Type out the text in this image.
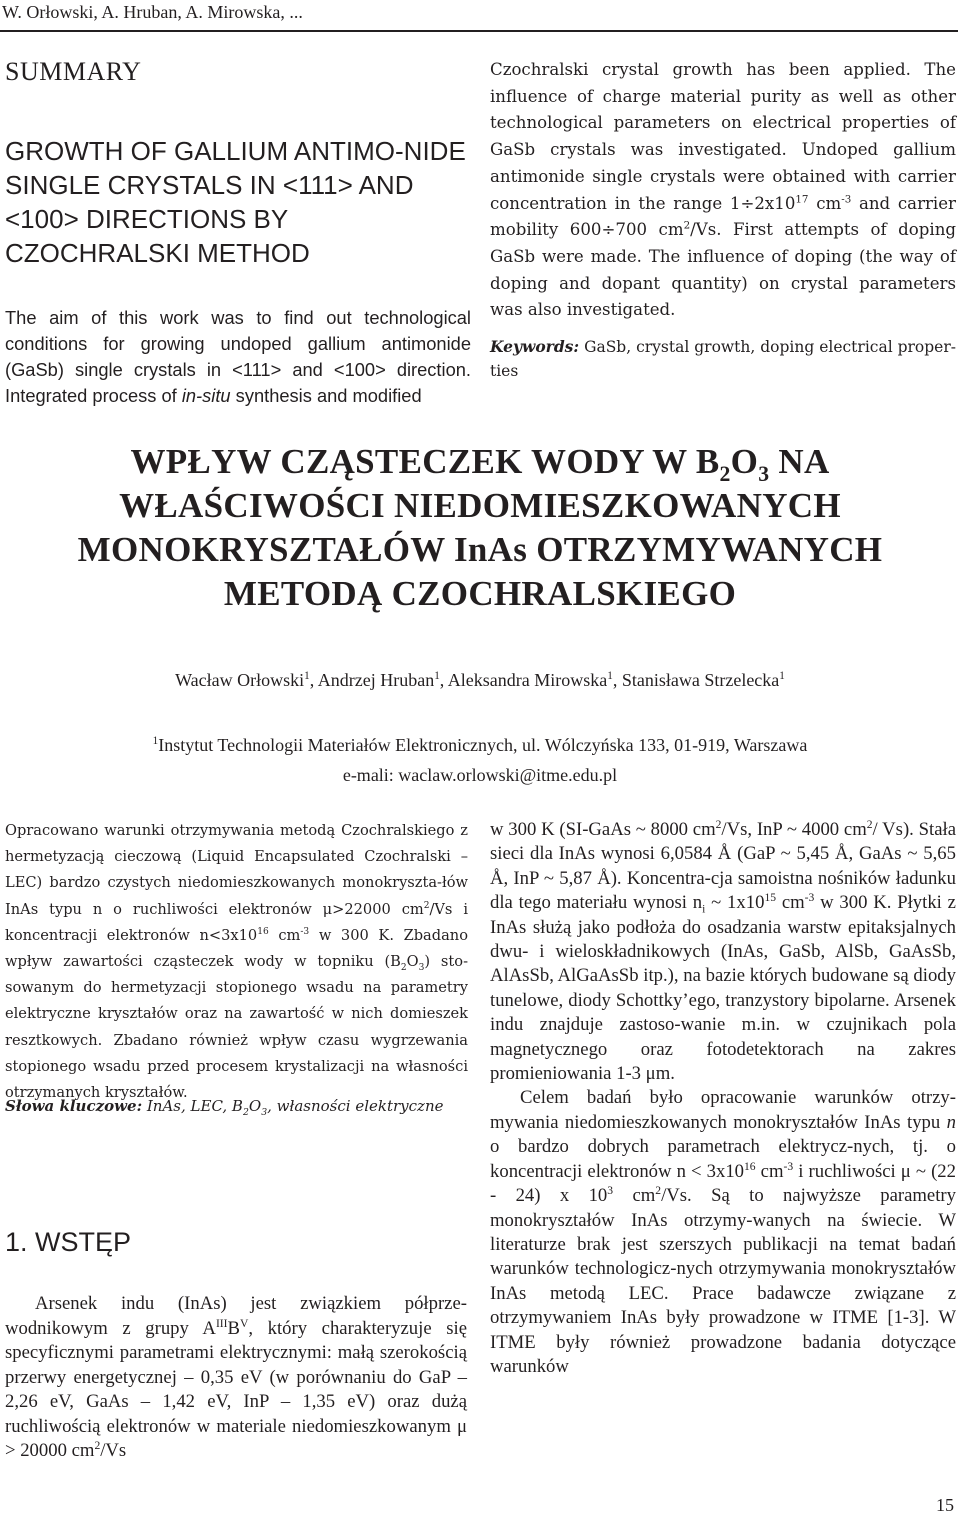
W. Orłowski, A. Hruban, A. Mirowska, ...
SUMMARY
GROWTH OF GALLIUM ANTIMO-NIDE SINGLE CRYSTALS IN <111> AND <100> DIRECTIONS BY CZOCHRALSKI METHOD
The aim of this work was to find out technological conditions for growing undoped gallium antimonide (GaSb) single crystals in <111> and <100> direction. Integrated process of in-situ synthesis and modified
Czochralski crystal growth has been applied. The influence of charge material purity as well as other technological parameters on electrical properties of GaSb crystals was investigated. Undoped gallium antimonide single crystals were obtained with carrier concentration in the range $1\div 2x10^{17}$ $cm^{-3}$ and carrier mobility 600÷700 $cm^2/Vs$. First attempts of doping GaSb were made. The influence of doping (the way of doping and dopant quantity) on crystal parameters was also investigated.
Keywords: GaSb, crystal growth, doping electrical proper-ties
WPŁYW CZĄSTECZEK WODY W $B_2O_3$ NA
WŁAŚCIWOŚCI NIEDOMIESZKOWANYCH
MONOKRYSZTAŁÓW InAs OTRZYMYWANYCH
METODĄ CZOCHRALSKIEGO
Wacław Orłowski$^1$, Andrzej Hruban$^1$, Aleksandra Mirowska$^1$, Stanisława Strzelecka$^1$
$^1$Instytut Technologii Materiałów Elektronicznych, ul. Wólczyńska 133, 01-919, Warszawa
e-mali: waclaw.orlowski@itme.edu.pl
Opracowano warunki otrzymywania metodą Czochralskiego z hermetyzacją cieczową (Liquid Encapsulated Czochralski – LEC) bardzo czystych niedomieszkowanych monokryszta-łów InAs typu n o ruchliwości elektronów μ>22000 $cm^2/Vs$ i koncentracji elektronów $n<3x10^{16}$ $cm^{-3}$ w 300 K. Zbadano wpływ zawartości cząsteczek wody w topniku $(B_2O_3)$ sto-sowanym do hermetyzacji stopionego wsadu na parametry elektryczne kryształów oraz na zawartość w nich domieszek resztkowych. Zbadano również wpływ czasu wygrzewania stopionego wsadu przed procesem krystalizacji na własności otrzymanych kryształów.
Słowa kluczowe: InAs, LEC, $B_2O_3$, własności elektryczne
1. WSTĘP
Arsenek indu (InAs) jest związkiem półprze-wodnikowym z grupy $A^{III}B^V$, który charakteryzuje się specyficznymi parametrami elektrycznymi: małą szerokością przerwy energetycznej – 0,35 eV (w porównaniu do GaP – 2,26 eV, GaAs – 1,42 eV, InP – 1,35 eV) oraz dużą ruchliwością elektronów w materiale niedomieszkowanym μ > 20000 $cm^2/Vs$

w 300 K (SI-GaAs ~ 8000 $cm^2/Vs$, InP ~ 4000 $cm^2/$ Vs). Stała sieci dla InAs wynosi 6,0584 Å (GaP ~ 5,45 Å, GaAs ~ 5,65 Å, InP ~ 5,87 Å). Koncentra-cja samoistna nośników ładunku dla tego materiału wynosi $n_i$ ~ $1x10^{15}$ $cm^{-3}$ w 300 K. Płytki z InAs służą jako podłoża do osadzania warstw epitaksjalnych dwu- i wieloskładnikowych (InAs, GaSb, AlSb, GaAsSb, AlAsSb, AlGaAsSb itp.), na bazie których budowane są diody tunelowe, diody Schottky’ego, tranzystory bipolarne. Arsenek indu znajduje zastoso-wanie m.in. w czujnikach pola magnetycznego oraz fotodetektorach na zakres promieniowania 1-3 μm.

Celem badań było opracowanie warunków otrzy-mywania niedomieszkowanych monokryształów InAs typu n o bardzo dobrych parametrach elektrycz-nych, tj. o koncentracji elektronów $n < 3x10^{16}$ $cm^{-3}$ i ruchliwości μ ~ (22 - 24) x $10^3$ $cm^2/Vs$. Są to najwyższe parametry monokryształów InAs otrzymy-wanych na świecie. W literaturze brak jest szerszych publikacji na temat badań warunków technologicz-nych otrzymywania monokryształów InAs metodą LEC. Prace badawcze związane z otrzymywaniem InAs były prowadzone w ITME [1-3]. W ITME były również prowadzone badania dotyczące warunków

15
